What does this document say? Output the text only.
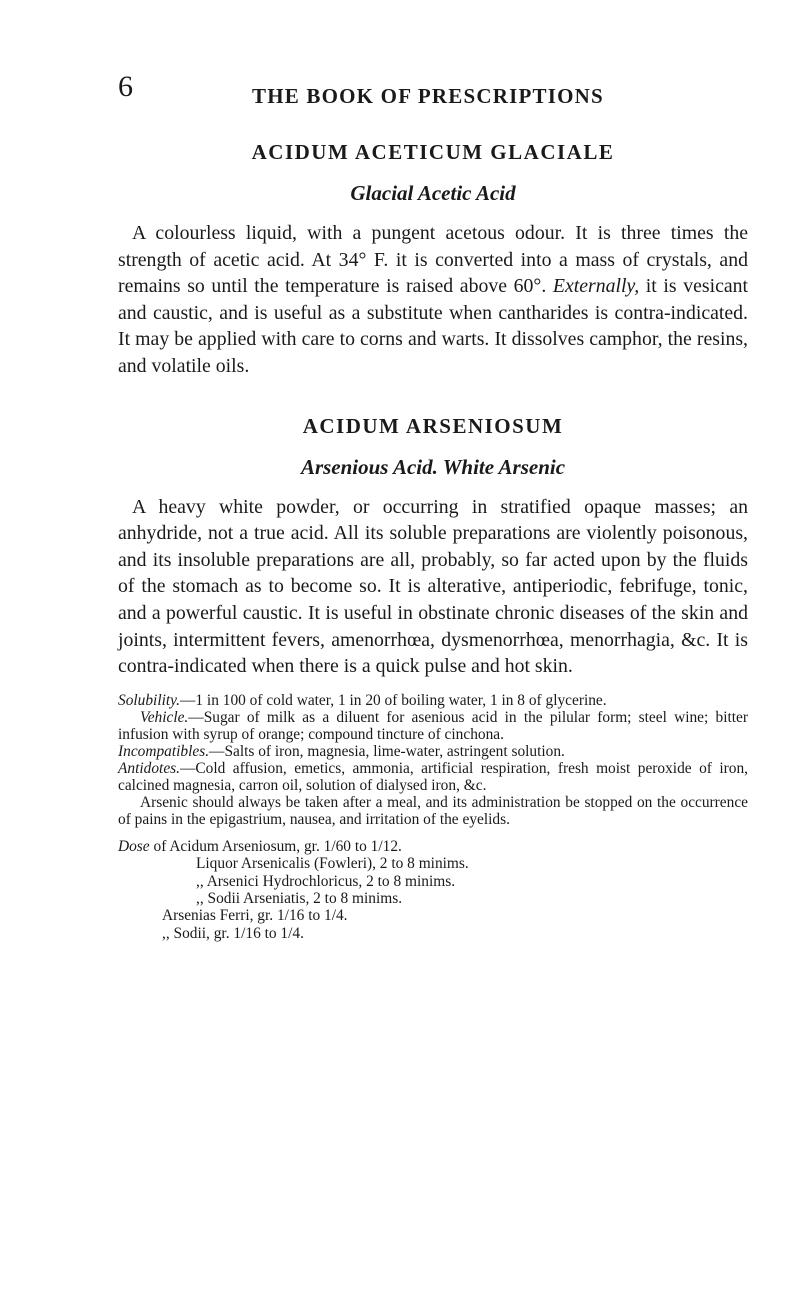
6	THE BOOK OF PRESCRIPTIONS
ACIDUM ACETICUM GLACIALE
Glacial Acetic Acid

A colourless liquid, with a pungent acetous odour. It is three times the strength of acetic acid. At 34° F. it is converted into a mass of crystals, and remains so until the temperature is raised above 60°. Externally, it is vesicant and caustic, and is useful as a substitute when cantharides is contra-indicated. It may be applied with care to corns and warts. It dissolves camphor, the resins, and volatile oils.

ACIDUM ARSENIOSUM
Arsenious Acid. White Arsenic

A heavy white powder, or occurring in stratified opaque masses; an anhydride, not a true acid. All its soluble preparations are violently poisonous, and its insoluble preparations are all, probably, so far acted upon by the fluids of the stomach as to become so. It is alterative, antiperiodic, febrifuge, tonic, and a powerful caustic. It is useful in obstinate chronic diseases of the skin and joints, intermittent fevers, amenorrhœa, dysmenorrhœa, menorrhagia, &c. It is contra-indicated when there is a quick pulse and hot skin.

Solubility.—1 in 100 of cold water, 1 in 20 of boiling water, 1 in 8 of glycerine.

Vehicle.—Sugar of milk as a diluent for asenious acid in the pilular form; steel wine; bitter infusion with syrup of orange; compound tincture of cinchona.

Incompatibles.—Salts of iron, magnesia, lime-water, astringent solution.

Antidotes.—Cold affusion, emetics, ammonia, artificial respiration, fresh moist peroxide of iron, calcined magnesia, carron oil, solution of dialysed iron, &c.

Arsenic should always be taken after a meal, and its administration be stopped on the occurrence of pains in the epigastrium, nausea, and irritation of the eyelids.

Dose of Acidum Arseniosum, gr. 1/60 to 1/12.
Liquor Arsenicalis (Fowleri), 2 to 8 minims.
,, Arsenici Hydrochloricus, 2 to 8 minims.
,, Sodii Arseniatis, 2 to 8 minims.
Arsenias Ferri, gr. 1/16 to 1/4.
,, Sodii, gr. 1/16 to 1/4.
